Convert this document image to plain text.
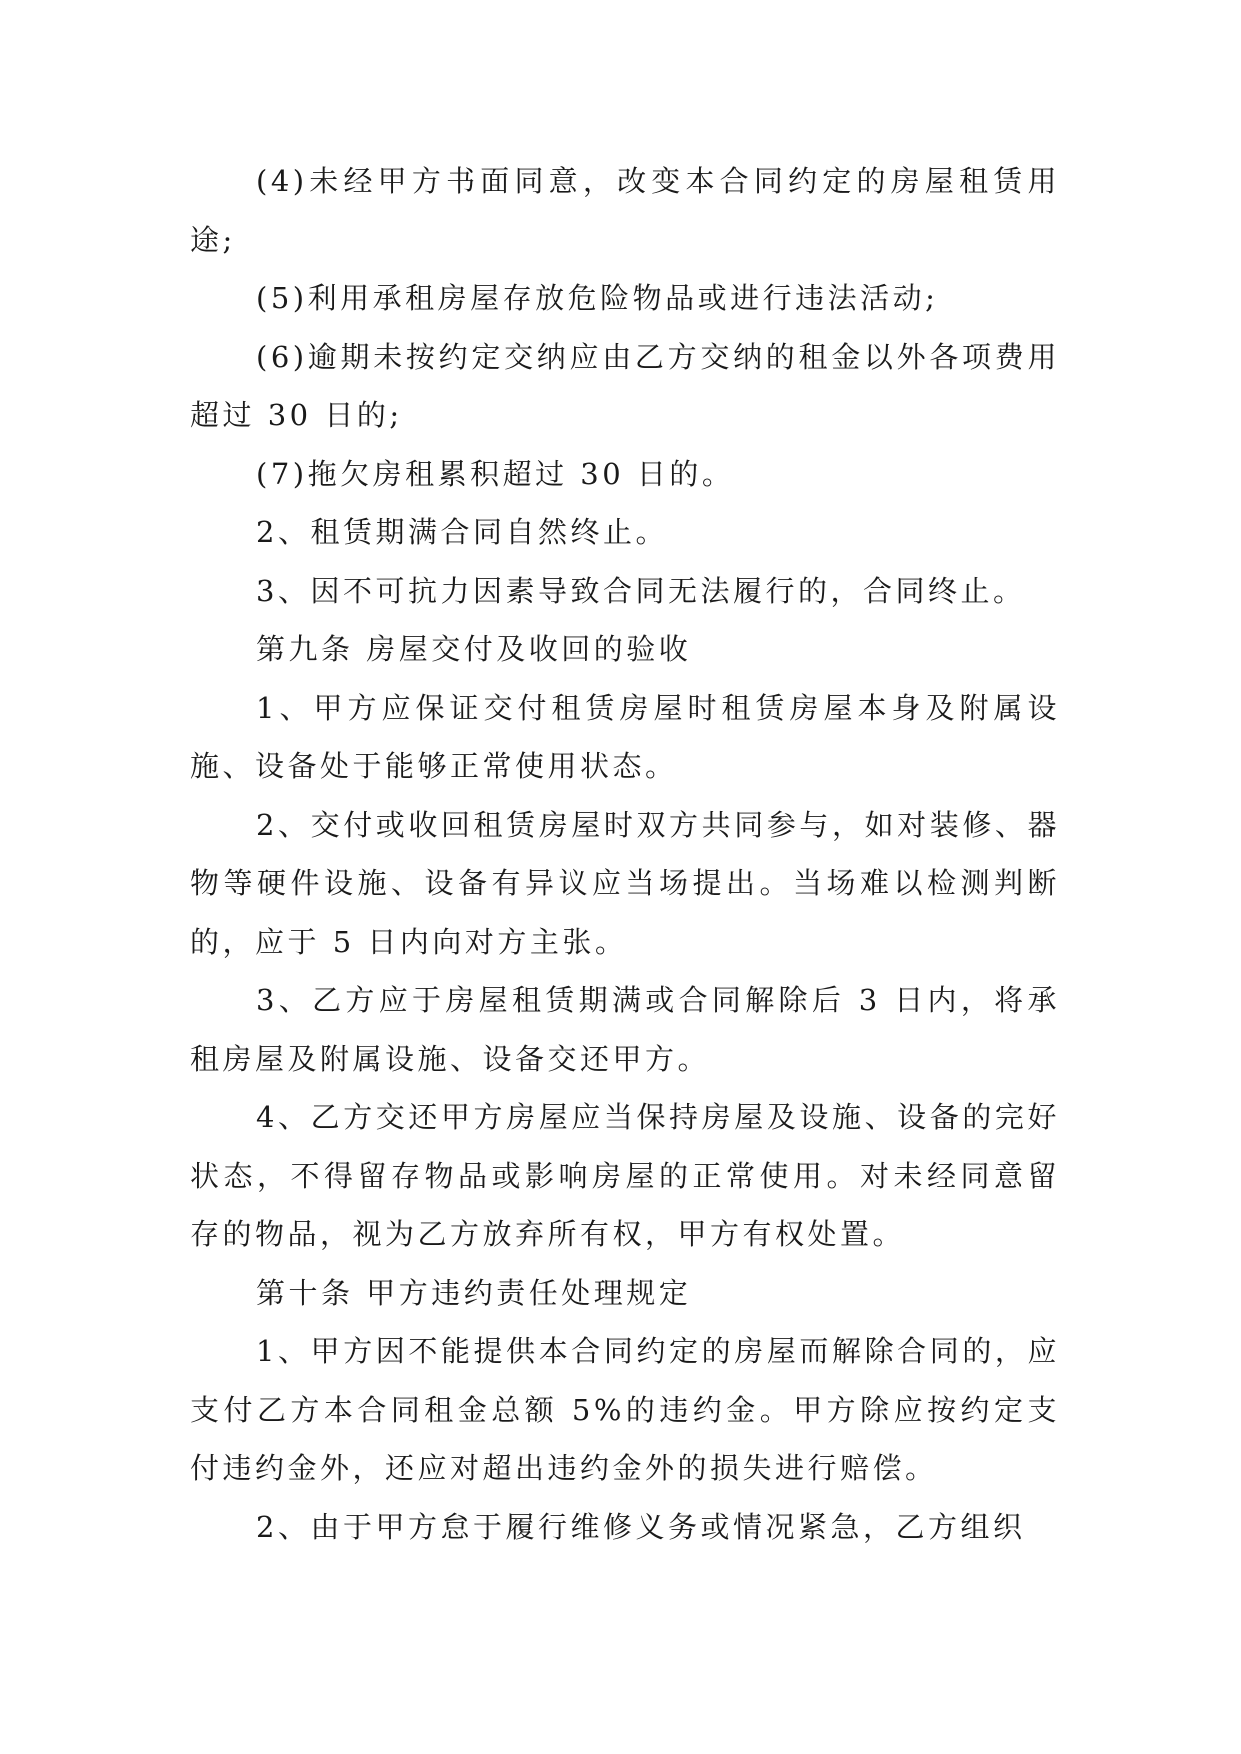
(4)未经甲方书面同意，改变本合同约定的房屋租赁用途;

(5)利用承租房屋存放危险物品或进行违法活动;

(6)逾期未按约定交纳应由乙方交纳的租金以外各项费用超过 30 日的;

(7)拖欠房租累积超过 30 日的。

2、租赁期满合同自然终止。

3、因不可抗力因素导致合同无法履行的，合同终止。

第九条 房屋交付及收回的验收

1、甲方应保证交付租赁房屋时租赁房屋本身及附属设施、设备处于能够正常使用状态。

2、交付或收回租赁房屋时双方共同参与，如对装修、器物等硬件设施、设备有异议应当场提出。当场难以检测判断的，应于 5 日内向对方主张。

3、乙方应于房屋租赁期满或合同解除后 3 日内，将承租房屋及附属设施、设备交还甲方。

4、乙方交还甲方房屋应当保持房屋及设施、设备的完好状态，不得留存物品或影响房屋的正常使用。对未经同意留存的物品，视为乙方放弃所有权，甲方有权处置。

第十条 甲方违约责任处理规定

1、甲方因不能提供本合同约定的房屋而解除合同的，应支付乙方本合同租金总额 5%的违约金。甲方除应按约定支付违约金外，还应对超出违约金外的损失进行赔偿。

2、由于甲方怠于履行维修义务或情况紧急，乙方组织
